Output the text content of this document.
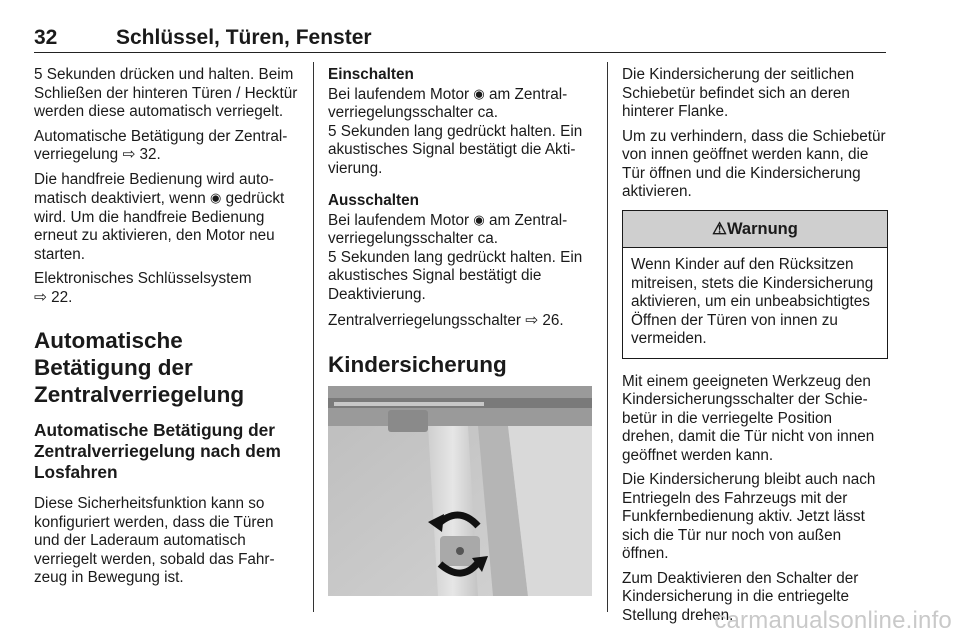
32	Schlüssel, Türen, Fenster

5 Sekunden drücken und halten. Beim Schließen der hinteren Türen / Hecktür werden diese automatisch verriegelt.

Automatische Betätigung der Zentralverriegelung ⇨ 32.

Die handfreie Bedienung wird automatisch deaktiviert, wenn ◉ gedrückt wird. Um die handfreie Bedienung erneut zu aktivieren, den Motor neu starten.

Elektronisches Schlüsselsystem
⇨ 22.

Automatische Betätigung der Zentralverriegelung
Automatische Betätigung der Zentralverriegelung nach dem Losfahren

Diese Sicherheitsfunktion kann so konfiguriert werden, dass die Türen und der Laderaum automatisch verriegelt werden, sobald das Fahrzeug in Bewegung ist.

Einschalten
Bei laufendem Motor ◉ am Zentralverriegelungsschalter ca.
5 Sekunden lang gedrückt halten. Ein akustisches Signal bestätigt die Aktivierung.
Ausschalten
Bei laufendem Motor ◉ am Zentralverriegelungsschalter ca.
5 Sekunden lang gedrückt halten. Ein akustisches Signal bestätigt die Deaktivierung.

Zentralverriegelungsschalter ⇨ 26.

Kindersicherung

Die Kindersicherung der seitlichen Schiebetür befindet sich an deren hinterer Flanke.

Um zu verhindern, dass die Schiebetür von innen geöffnet werden kann, die Tür öffnen und die Kindersicherung aktivieren.

⚠Warnung
Wenn Kinder auf den Rücksitzen mitreisen, stets die Kindersicherung aktivieren, um ein unbeabsichtigtes Öffnen der Türen von innen zu vermeiden.

Mit einem geeigneten Werkzeug den Kindersicherungsschalter der Schiebetür in die verriegelte Position drehen, damit die Tür nicht von innen geöffnet werden kann.

Die Kindersicherung bleibt auch nach Entriegeln des Fahrzeugs mit der Funkfernbedienung aktiv. Jetzt lässt sich die Tür nur noch von außen öffnen.

Zum Deaktivieren den Schalter der Kindersicherung in die entriegelte Stellung drehen.

carmanualsonline.info
